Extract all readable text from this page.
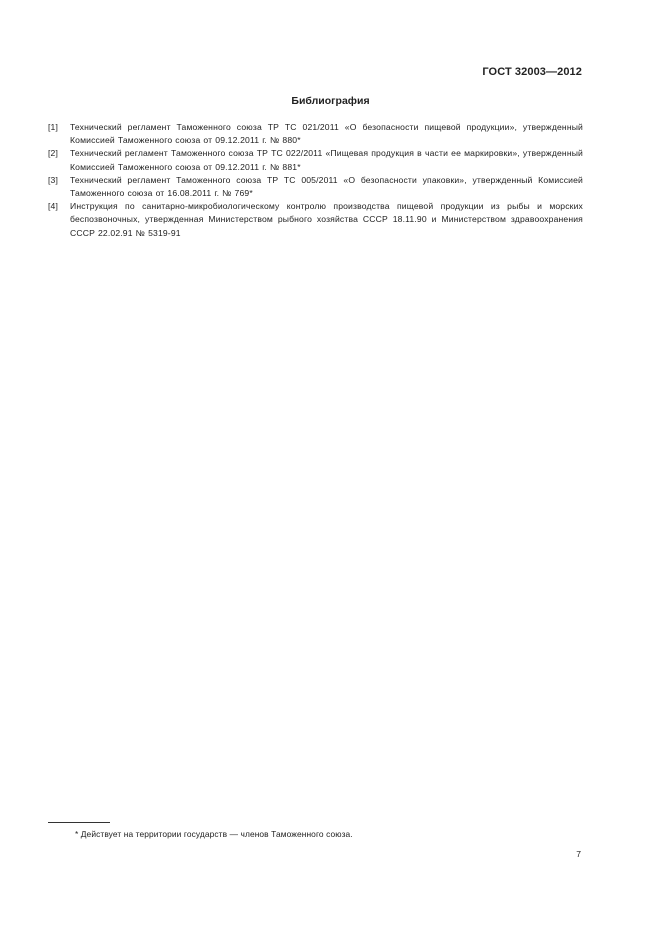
ГОСТ 32003—2012
Библиография
[1]	Технический регламент Таможенного союза ТР ТС 021/2011 «О безопасности пищевой продукции», утвержденный Комиссией Таможенного союза от 09.12.2011 г. № 880*
[2]	Технический регламент Таможенного союза ТР ТС 022/2011 «Пищевая продукция в части ее маркировки», утвержденный Комиссией Таможенного союза от 09.12.2011 г. № 881*
[3]	Технический регламент Таможенного союза ТР ТС 005/2011 «О безопасности упаковки», утвержденный Комиссией Таможенного союза от 16.08.2011 г. № 769*
[4]	Инструкция по санитарно-микробиологическому контролю производства пищевой продукции из рыбы и морских беспозвоночных, утвержденная Министерством рыбного хозяйства СССР 18.11.90 и Министерством здравоохранения СССР 22.02.91 № 5319-91
* Действует на территории государств — членов Таможенного союза.
7
